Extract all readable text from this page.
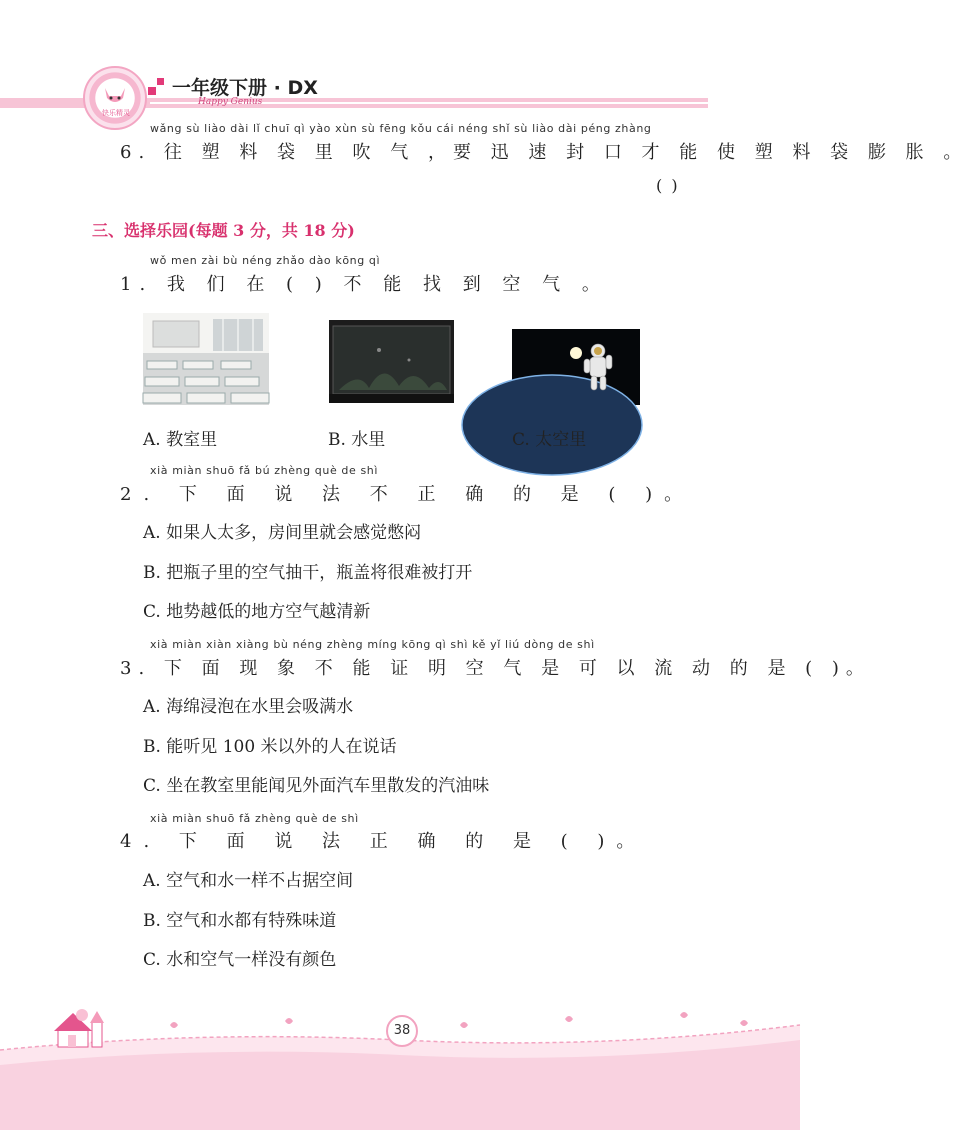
快乐精灵
一年级下册 · DX
Happy Genius
wǎng sù liào dài lǐ chuī qì yào xùn sù fēng kǒu cái néng shǐ sù liào dài péng zhàng
6. 往 塑 料 袋 里 吹 气 ，要 迅 速 封 口 才 能 使 塑 料 袋 膨 胀 。
( )
三、选择乐园(每题 3 分，共 18 分)
wǒ men zài bù néng zhǎo dào kōng qì
1. 我 们 在 ( ) 不 能 找 到 空 气 。
A. 教室里	B. 水里	C. 太空里
xià miàn shuō fǎ bú zhèng què de shì
2. 下 面 说 法 不 正 确 的 是 ( )。
A. 如果人太多，房间里就会感觉憋闷
B. 把瓶子里的空气抽干，瓶盖将很难被打开
C. 地势越低的地方空气越清新
xià miàn xiàn xiàng bù néng zhèng míng kōng qì shì kě yǐ liú dòng de shì
3. 下 面 现 象 不 能 证 明 空 气 是 可 以 流 动 的 是 ( )。
A. 海绵浸泡在水里会吸满水
B. 能听见 100 米以外的人在说话
C. 坐在教室里能闻见外面汽车里散发的汽油味
xià miàn shuō fǎ zhèng què de shì
4. 下 面 说 法 正 确 的 是 ( )。
A. 空气和水一样不占据空间
B. 空气和水都有特殊味道
C. 水和空气一样没有颜色
38
